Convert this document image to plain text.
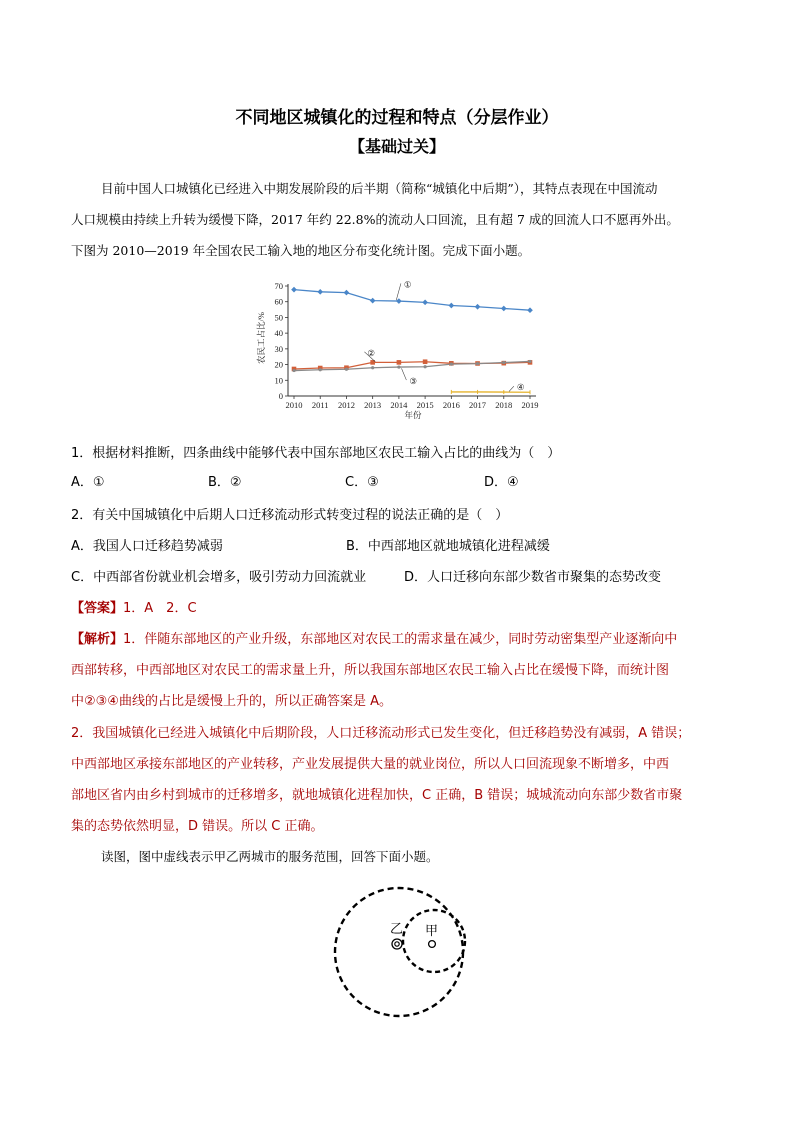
不同地区城镇化的过程和特点（分层作业）
【基础过关】
目前中国人口城镇化已经进入中期发展阶段的后半期（简称“城镇化中后期”），其特点表现在中国流动
人口规模由持续上升转为缓慢下降，2017 年约 22.8%的流动人口回流，且有超 7 成的回流人口不愿再外出。
下图为 2010—2019 年全国农民工输入地的地区分布变化统计图。完成下面小题。
农民工占比/%
年份
0
10
20
30
40
50
60
70
2010 2011 2012 2013 2014 2015 2016 2017 2018 2019
①
②
③
④
1．根据材料推断，四条曲线中能够代表中国东部地区农民工输入占比的曲线为（　）
A．①	B．②	C．③	D．④
2．有关中国城镇化中后期人口迁移流动形式转变过程的说法正确的是（　）
A．我国人口迁移趋势减弱	B．中西部地区就地城镇化进程减缓
C．中西部省份就业机会增多，吸引劳动力回流就业	D．人口迁移向东部少数省市聚集的态势改变
【答案】1．A　2．C
【解析】1．伴随东部地区的产业升级，东部地区对农民工的需求量在减少，同时劳动密集型产业逐渐向中
西部转移，中西部地区对农民工的需求量上升，所以我国东部地区农民工输入占比在缓慢下降，而统计图
中②③④曲线的占比是缓慢上升的，所以正确答案是 A。
2．我国城镇化已经进入城镇化中后期阶段，人口迁移流动形式已发生变化，但迁移趋势没有减弱，A 错误；
中西部地区承接东部地区的产业转移，产业发展提供大量的就业岗位，所以人口回流现象不断增多，中西
部地区省内由乡村到城市的迁移增多，就地城镇化进程加快，C 正确，B 错误；城城流动向东部少数省市聚
集的态势依然明显，D 错误。所以 C 正确。
读图，图中虚线表示甲乙两城市的服务范围，回答下面小题。
乙 甲
